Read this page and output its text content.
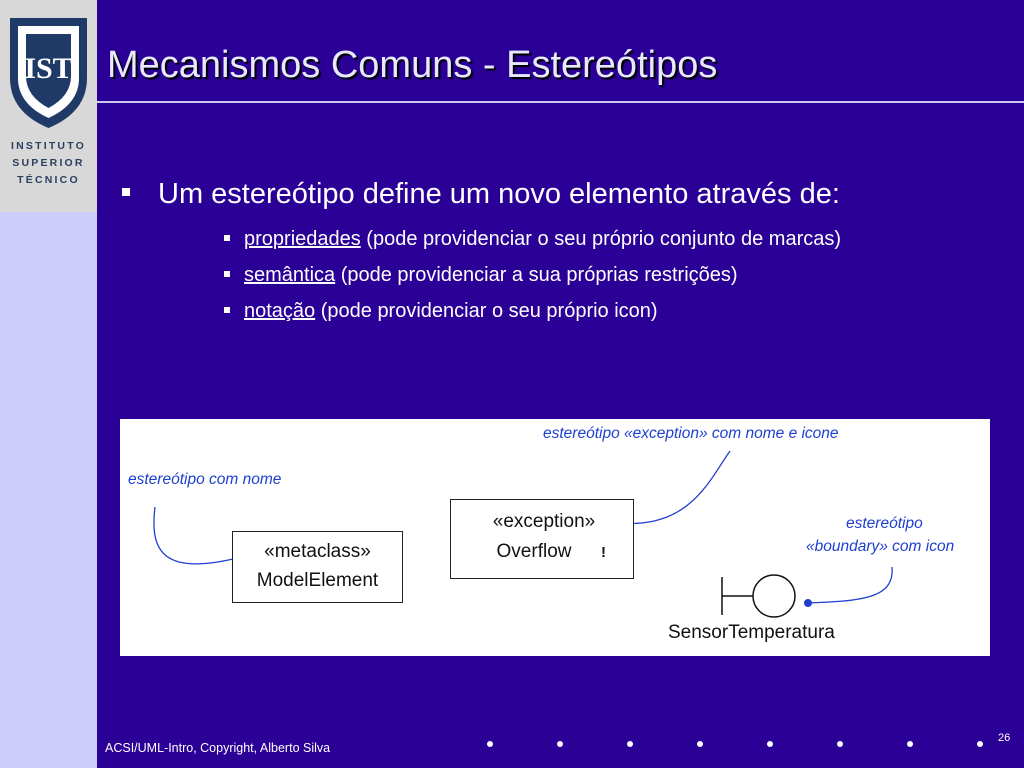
IST
INSTITUTO
SUPERIOR
TÉCNICO
Mecanismos Comuns - Estereótipos
Um estereótipo define um novo elemento através de:
propriedades (pode providenciar o seu próprio conjunto de marcas)
semântica (pode providenciar a sua próprias restrições)
notação (pode providenciar o seu próprio icon)
estereótipo com nome
estereótipo «exception» com nome e icone
estereótipo
«boundary» com icon
«metaclass»
ModelElement
«exception»
Overflow	!
SensorTemperatura
ACSI/UML-Intro, Copyright, Alberto Silva
26
